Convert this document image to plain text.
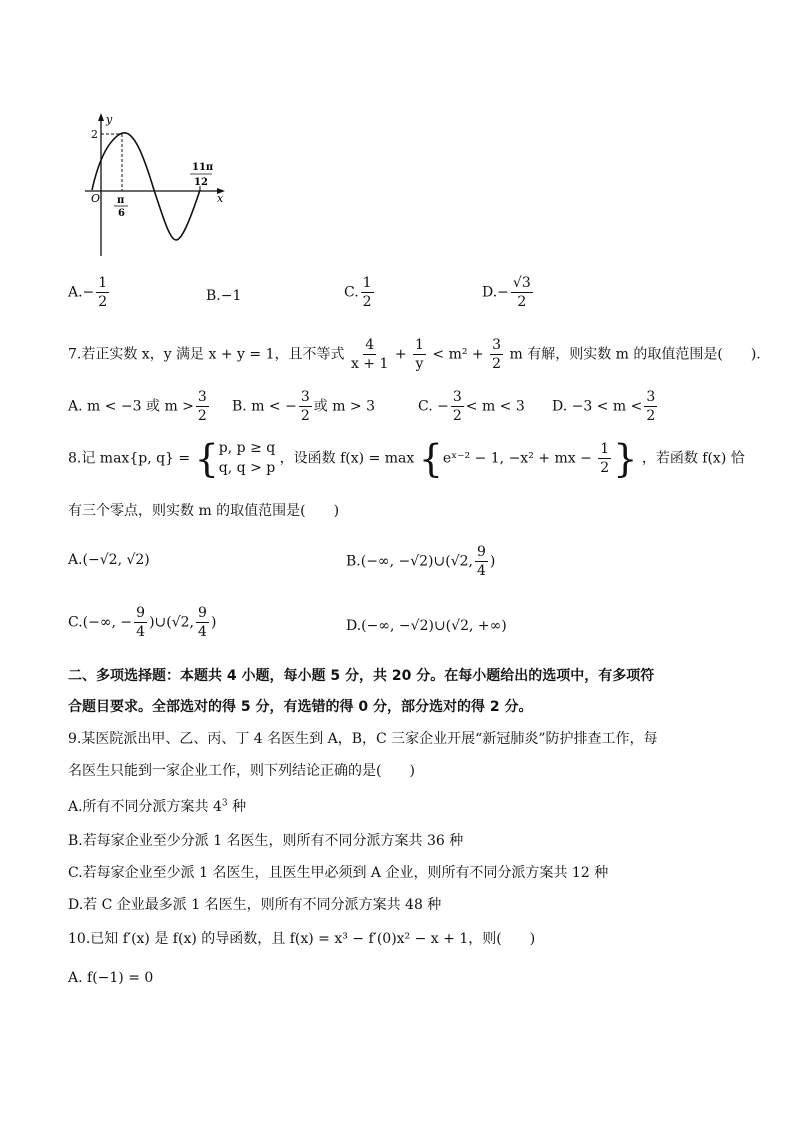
y
2
O	x
π
6
11π
12
$A.- \frac{1}{2}$	B.−1	C. $\frac{1}{2}$	$D.- \frac{√3}{2}$
7.若正实数 x，y 满足 x + y = 1，且不等式 $\frac{4}{x + 1} + \frac{1}{y} < m^2 + \frac{3}{2}$ m 有解，则实数 m 的取值范围是(　　).
A. m < −3 或 $m > \frac{3}{2} B$. m < − $\frac{3}{2}$ 或 m > 3	C. − $\frac{3}{2} < m < 3$ D. $-3 < m < \frac{3}{2}$
8.记 max{p, q} = { p, p ≥ q
q, q > p
，设函数 f(x) = max {eˣ⁻² − 1, −x² + mx − $\frac{1}{2}$ } ，若函数 f(x) 恰
有三个零点，则实数 m 的取值范围是(　　)
A.(−√2, √2)	B.(−∞, −√2)∪(√2, $\frac{9}{4}$ )
C.(−∞, − $\frac{9}{4}$ )∪(√2, $\frac{9}{4}$ )	D.(−∞, −√2)∪(√2, +∞)
二、多项选择题：本题共 4 小题，每小题 5 分，共 20 分。在每小题给出的选项中，有多项符
合题目要求。全部选对的得 5 分，有选错的得 0 分，部分选对的得 2 分。
9.某医院派出甲、乙、丙、丁 4 名医生到 A，B，C 三家企业开展“新冠肺炎”防护排查工作，每
名医生只能到一家企业工作，则下列结论正确的是(　　)
A.所有不同分派方案共 $4^3$ 种
B.若每家企业至少分派 1 名医生，则所有不同分派方案共 36 种
C.若每家企业至少派 1 名医生，且医生甲必须到 A 企业，则所有不同分派方案共 12 种
D.若 C 企业最多派 1 名医生，则所有不同分派方案共 48 种
10.已知 f′(x) 是 f(x) 的导函数，且 f(x) = x³ − f′(0)x² − x + 1，则(　　)
A. f(−1) = 0
